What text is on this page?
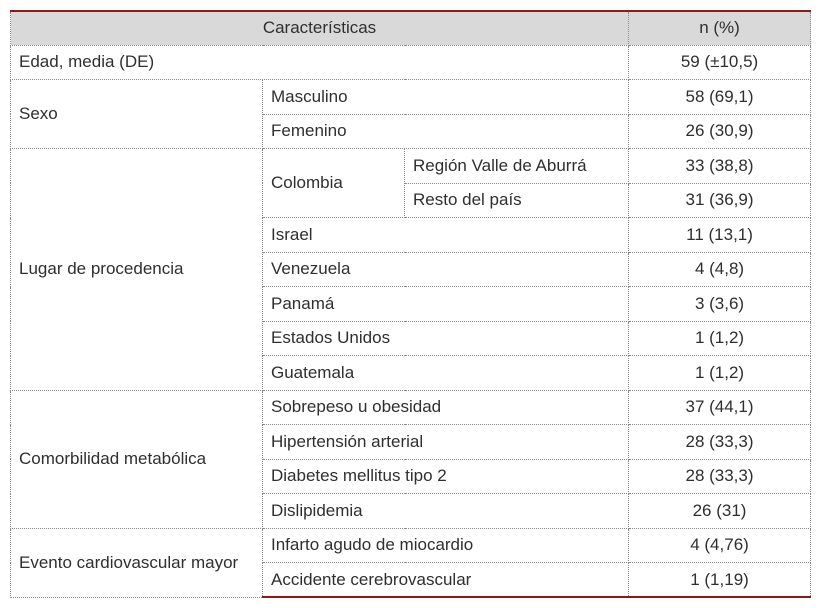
Características			n (%)
Edad, media (DE)			59 (±10,5)
Sexo	Masculino		58 (69,1)
	Femenino		26 (30,9)
Lugar de procedencia	Colombia	Región Valle de Aburrá	33 (38,8)
		Resto del país	31 (36,9)
	Israel		11 (13,1)
	Venezuela		4 (4,8)
	Panamá		3 (3,6)
	Estados Unidos		1 (1,2)
	Guatemala		1 (1,2)
Comorbilidad metabólica	Sobrepeso u obesidad		37 (44,1)
	Hipertensión arterial		28 (33,3)
	Diabetes mellitus tipo 2		28 (33,3)
	Dislipidemia		26 (31)
Evento cardiovascular mayor	Infarto agudo de miocardio		4 (4,76)
	Accidente cerebrovascular		1 (1,19)
